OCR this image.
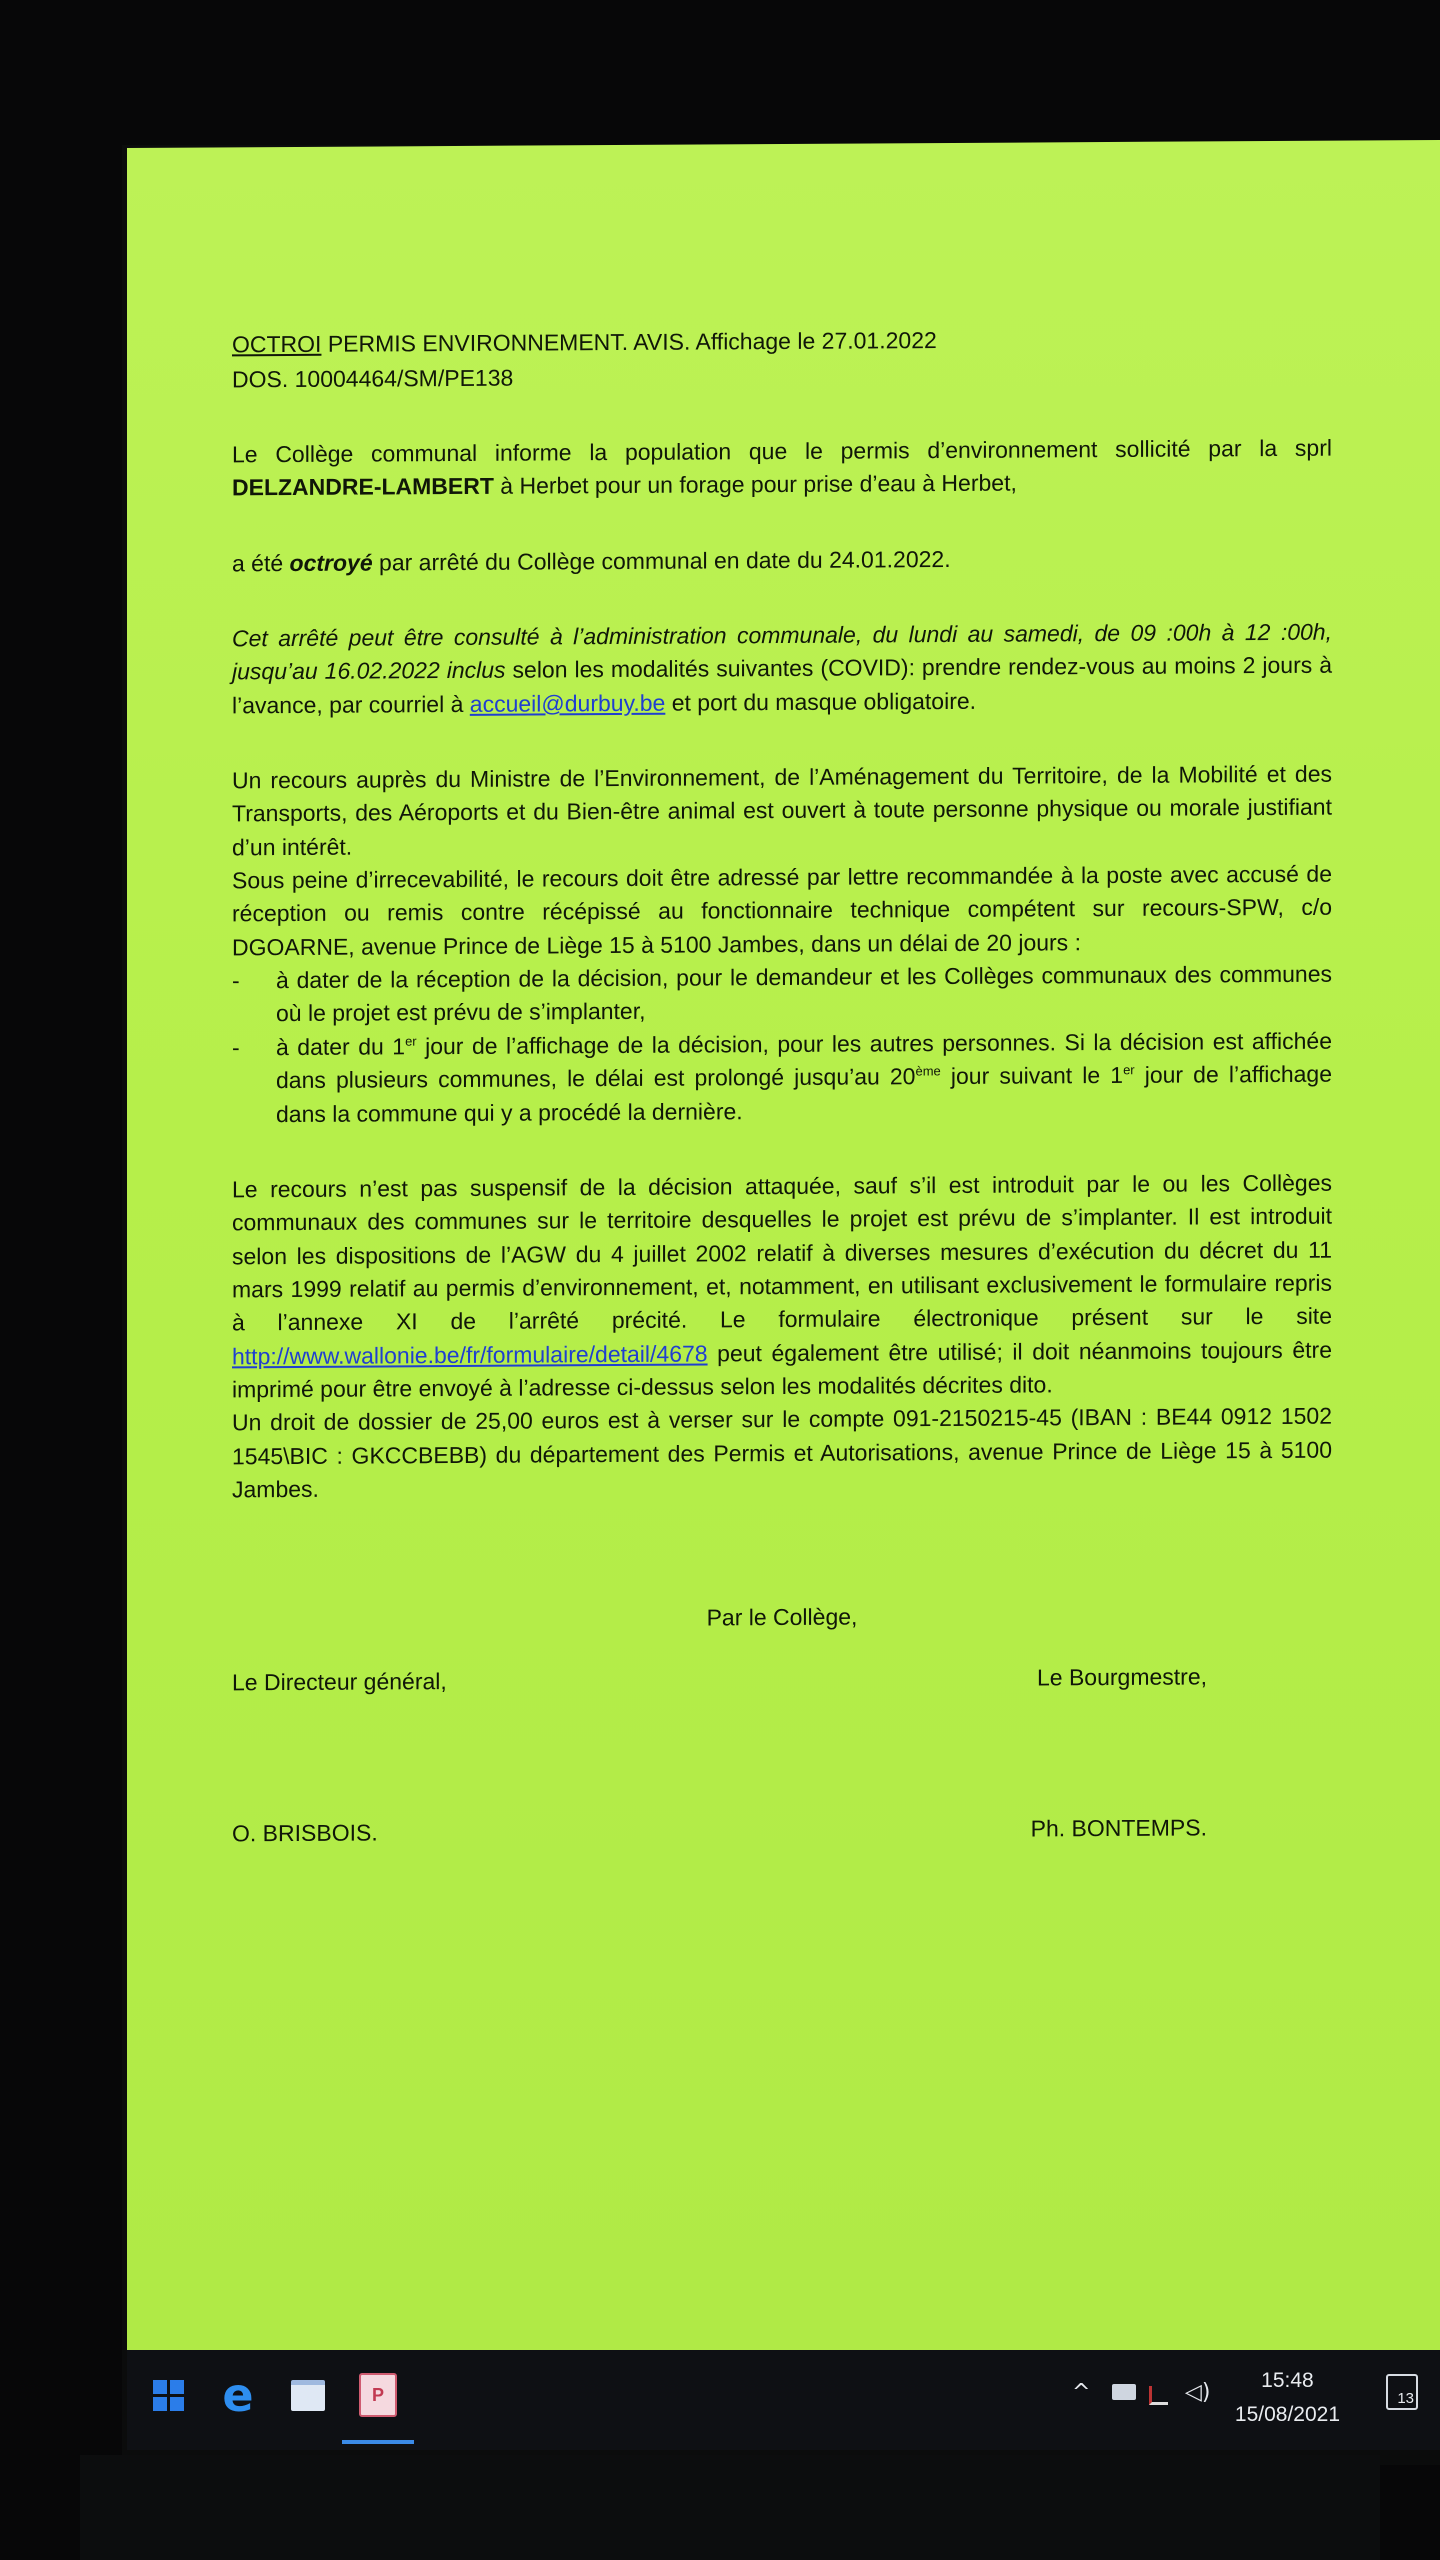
OCTROI PERMIS ENVIRONNEMENT. AVIS. Affichage le 27.01.2022
DOS. 10004464/SM/PE138

Le Collège communal informe la population que le permis d’environnement sollicité par la sprl DELZANDRE-LAMBERT à Herbet pour un forage pour prise d’eau à Herbet,

a été octroyé par arrêté du Collège communal en date du 24.01.2022.

Cet arrêté peut être consulté à l’administration communale, du lundi au samedi, de 09 :00h à 12 :00h, jusqu’au 16.02.2022 inclus selon les modalités suivantes (COVID): prendre rendez-vous au moins 2 jours à l’avance, par courriel à accueil@durbuy.be et port du masque obligatoire.

Un recours auprès du Ministre de l’Environnement, de l’Aménagement du Territoire, de la Mobilité et des Transports, des Aéroports et du Bien-être animal est ouvert à toute personne physique ou morale justifiant d’un intérêt.

Sous peine d’irrecevabilité, le recours doit être adressé par lettre recommandée à la poste avec accusé de réception ou remis contre récépissé au fonctionnaire technique compétent sur recours-SPW, c/o DGOARNE, avenue Prince de Liège 15 à 5100 Jambes, dans un délai de 20 jours :

-	à dater de la réception de la décision, pour le demandeur et les Collèges communaux des communes où le projet est prévu de s’implanter,
-	à dater du 1er jour de l’affichage de la décision, pour les autres personnes. Si la décision est affichée dans plusieurs communes, le délai est prolongé jusqu’au 20ème jour suivant le 1er jour de l’affichage dans la commune qui y a procédé la dernière.

Le recours n’est pas suspensif de la décision attaquée, sauf s’il est introduit par le ou les Collèges communaux des communes sur le territoire desquelles le projet est prévu de s’implanter. Il est introduit selon les dispositions de l’AGW du 4 juillet 2002 relatif à diverses mesures d’exécution du décret du 11 mars 1999 relatif au permis d’environnement, et, notamment, en utilisant exclusivement le formulaire repris à l’annexe XI de l’arrêté précité. Le formulaire électronique présent sur le site http://www.wallonie.be/fr/formulaire/detail/4678 peut également être utilisé; il doit néanmoins toujours être imprimé pour être envoyé à l’adresse ci-dessus selon les modalités décrites dito.

Un droit de dossier de 25,00 euros est à verser sur le compte 091-2150215-45 (IBAN : BE44 0912 1502 1545\BIC : GKCCBEBB) du département des Permis et Autorisations, avenue Prince de Liège 15 à 5100 Jambes.

Par le Collège,
Le Directeur général,	Le Bourgmestre,
O. BRISBOIS.	Ph. BONTEMPS.
e	P	^	◁)	15:48
15/08/2021
13
